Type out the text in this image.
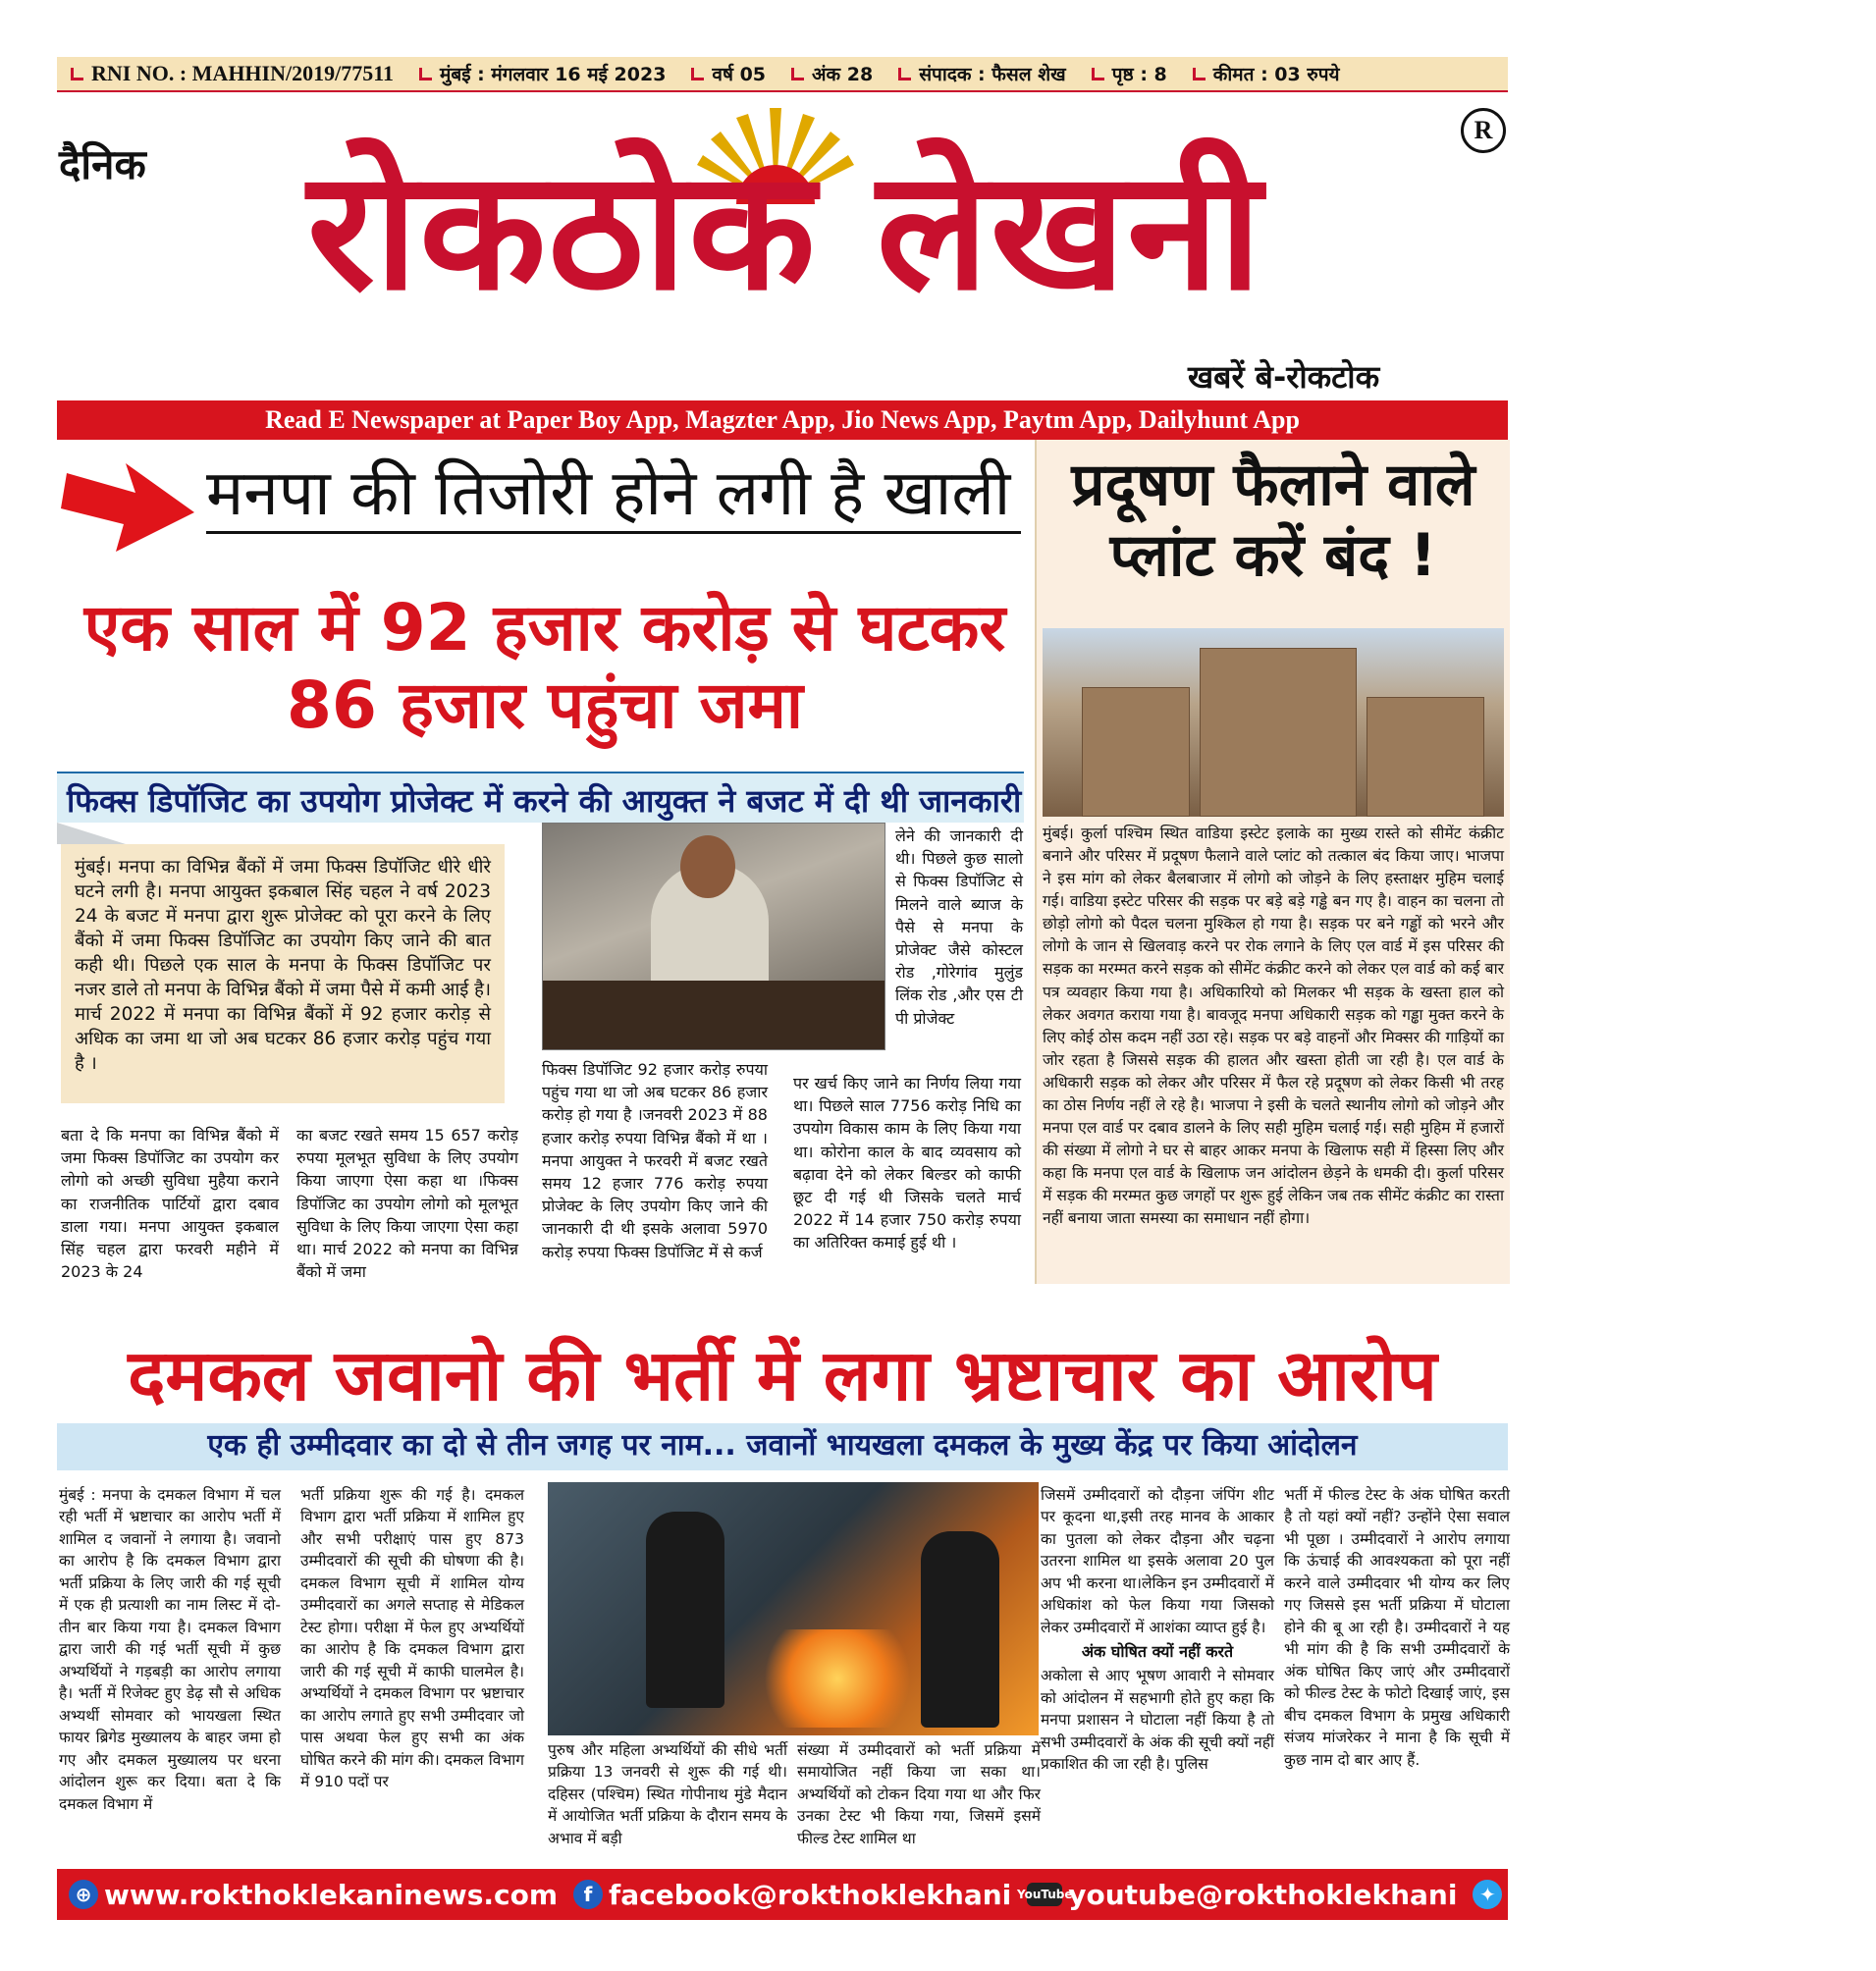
RNI NO. : MAHHIN/2019/77511 मुंबई : मंगलवार 16 मई 2023 वर्ष 05 अंक 28 संपादक : फैसल शेख पृष्ठ : 8 कीमत : 03 रुपये
दैनिक रोकठोक लेखनी
R
खबरें बे-रोकटोक
Read E Newspaper at Paper Boy App, Magzter App, Jio News App, Paytm App, Dailyhunt App
मनपा की तिजोरी होने लगी है खाली
एक साल में 92 हजार करोड़ से घटकर 86 हजार पहुंचा जमा
फिक्स डिपॉजिट का उपयोग प्रोजेक्ट में करने की आयुक्त ने बजट में दी थी जानकारी
मुंबई। मनपा का विभिन्न बैंकों में जमा फिक्स डिपॉजिट धीरे धीरे घटने लगी है। मनपा आयुक्त इकबाल सिंह चहल ने वर्ष 2023 24 के बजट में मनपा द्वारा शुरू प्रोजेक्ट को पूरा करने के लिए बैंको में जमा फिक्स डिपॉजिट का उपयोग किए जाने की बात कही थी। पिछले एक साल के मनपा के फिक्स डिपॉजिट पर नजर डाले तो मनपा के विभिन्न बैंको में जमा पैसे में कमी आई है। मार्च 2022 में मनपा का विभिन्न बैंकों में 92 हजार करोड़ से अधिक का जमा था जो अब घटकर 86 हजार करोड़ पहुंच गया है ।
बता दे कि मनपा का विभिन्न बैंको में जमा फिक्स डिपॉजिट का उपयोग कर लोगो को अच्छी सुविधा मुहैया कराने का राजनीतिक पार्टियों द्वारा दबाव डाला गया। मनपा आयुक्त इकबाल सिंह चहल द्वारा फरवरी महीने में 2023 के 24
का बजट रखते समय 15 657 करोड़ रुपया मूलभूत सुविधा के लिए उपयोग किया जाएगा ऐसा कहा था ।फिक्स डिपॉजिट का उपयोग लोगो को मूलभूत सुविधा के लिए किया जाएगा ऐसा कहा था। मार्च 2022 को मनपा का विभिन्न बैंको में जमा
फिक्स डिपॉजिट 92 हजार करोड़ रुपया पहुंच गया था जो अब घटकर 86 हजार करोड़ हो गया है ।जनवरी 2023 में 88 हजार करोड़ रुपया विभिन्न बैंको में था ।मनपा आयुक्त ने फरवरी में बजट रखते समय 12 हजार 776 करोड़ रुपया प्रोजेक्ट के लिए उपयोग किए जाने की जानकारी दी थी इसके अलावा 5970 करोड़ रुपया फिक्स डिपॉजिट में से कर्ज
लेने की जानकारी दी थी। पिछले कुछ सालो से फिक्स डिपॉजिट से मिलने वाले ब्याज के पैसे से मनपा के प्रोजेक्ट जैसे कोस्टल रोड ,गोरेगांव मुलुंड लिंक रोड ,और एस टी पी प्रोजेक्ट
पर खर्च किए जाने का निर्णय लिया गया था। पिछले साल 7756 करोड़ निधि का उपयोग विकास काम के लिए किया गया था। कोरोना काल के बाद व्यवसाय को बढ़ावा देने को लेकर बिल्डर को काफी छूट दी गई थी जिसके चलते मार्च 2022 में 14 हजार 750 करोड़ रुपया का अतिरिक्त कमाई हुई थी ।
प्रदूषण फैलाने वाले प्लांट करें बंद !
मुंबई। कुर्ला पश्चिम स्थित वाडिया इस्टेट इलाके का मुख्य रास्ते को सीमेंट कंक्रीट बनाने और परिसर में प्रदूषण फैलाने वाले प्लांट को तत्काल बंद किया जाए। भाजपा ने इस मांग को लेकर बैलबाजार में लोगो को जोड़ने के लिए हस्ताक्षर मुहिम चलाई गई। वाडिया इस्टेट परिसर की सड़क पर बड़े बड़े गड्ढे बन गए है। वाहन का चलना तो छोड़ो लोगो को पैदल चलना मुश्किल हो गया है। सड़क पर बने गड्ढों को भरने और लोगो के जान से खिलवाड़ करने पर रोक लगाने के लिए एल वार्ड में इस परिसर की सड़क का मरम्मत करने सड़क को सीमेंट कंक्रीट करने को लेकर एल वार्ड को कई बार पत्र व्यवहार किया गया है। अधिकारियो को मिलकर भी सड़क के खस्ता हाल को लेकर अवगत कराया गया है। बावजूद मनपा अधिकारी सड़क को गड्ढा मुक्त करने के लिए कोई ठोस कदम नहीं उठा रहे। सड़क पर बड़े वाहनों और मिक्सर की गाड़ियों का जोर रहता है जिससे सड़क की हालत और खस्ता होती जा रही है। एल वार्ड के अधिकारी सड़क को लेकर और परिसर में फैल रहे प्रदूषण को लेकर किसी भी तरह का ठोस निर्णय नहीं ले रहे है। भाजपा ने इसी के चलते स्थानीय लोगो को जोड़ने और मनपा एल वार्ड पर दबाव डालने के लिए सही मुहिम चलाई गई। सही मुहिम में हजारों की संख्या में लोगो ने घर से बाहर आकर मनपा के खिलाफ सही में हिस्सा लिए और कहा कि मनपा एल वार्ड के खिलाफ जन आंदोलन छेड़ने के धमकी दी। कुर्ला परिसर में सड़क की मरम्मत कुछ जगहों पर शुरू हुई लेकिन जब तक सीमेंट कंक्रीट का रास्ता नहीं बनाया जाता समस्या का समाधान नहीं होगा।
दमकल जवानो की भर्ती में लगा भ्रष्टाचार का आरोप
एक ही उम्मीदवार का दो से तीन जगह पर नाम... जवानों भायखला दमकल के मुख्य केंद्र पर किया आंदोलन
मुंबई : मनपा के दमकल विभाग में चल रही भर्ती में भ्रष्टाचार का आरोप भर्ती में शामिल द जवानों ने लगाया है। जवानो का आरोप है कि दमकल विभाग द्वारा भर्ती प्रक्रिया के लिए जारी की गई सूची में एक ही प्रत्याशी का नाम लिस्ट में दो-तीन बार किया गया है। दमकल विभाग द्वारा जारी की गई भर्ती सूची में कुछ अभ्यर्थियों ने गड़बड़ी का आरोप लगाया है। भर्ती में रिजेक्ट हुए डेढ़ सौ से अधिक अभ्यर्थी सोमवार को भायखला स्थित फायर ब्रिगेड मुख्यालय के बाहर जमा हो गए और दमकल मुख्यालय पर धरना आंदोलन शुरू कर दिया। बता दे कि दमकल विभाग में
भर्ती प्रक्रिया शुरू की गई है। दमकल विभाग द्वारा भर्ती प्रक्रिया में शामिल हुए और सभी परीक्षाएं पास हुए 873 उम्मीदवारों की सूची की घोषणा की है। दमकल विभाग सूची में शामिल योग्य उम्मीदवारों का अगले सप्ताह से मेडिकल टेस्ट होगा। परीक्षा में फेल हुए अभ्यर्थियों का आरोप है कि दमकल विभाग द्वारा जारी की गई सूची में काफी घालमेल है। अभ्यर्थियों ने दमकल विभाग पर भ्रष्टाचार का आरोप लगाते हुए सभी उम्मीदवार जो पास अथवा फेल हुए सभी का अंक घोषित करने की मांग की। दमकल विभाग में 910 पदों पर
पुरुष और महिला अभ्यर्थियों की सीधे भर्ती प्रक्रिया 13 जनवरी से शुरू की गई थी। दहिसर (पश्चिम) स्थित गोपीनाथ मुंडे मैदान में आयोजित भर्ती प्रक्रिया के दौरान समय के अभाव में बड़ी
संख्या में उम्मीदवारों को भर्ती प्रक्रिया में समायोजित नहीं किया जा सका था। अभ्यर्थियों को टोकन दिया गया था और फिर उनका टेस्ट भी किया गया, जिसमें इसमें फील्ड टेस्ट शामिल था
जिसमें उम्मीदवारों को दौड़ना जंपिंग शीट पर कूदना था,इसी तरह मानव के आकार का पुतला को लेकर दौड़ना और चढ़ना उतरना शामिल था इसके अलावा 20 पुल अप भी करना था।लेकिन इन उम्मीदवारों में अधिकांश को फेल किया गया जिसको लेकर उम्मीदवारों में आशंका व्याप्त हुई है।
अंक घोषित क्यों नहीं करते
अकोला से आए भूषण आवारी ने सोमवार को आंदोलन में सहभागी होते हुए कहा कि मनपा प्रशासन ने घोटाला नहीं किया है तो सभी उम्मीदवारों के अंक की सूची क्यों नहीं प्रकाशित की जा रही है। पुलिस
भर्ती में फील्ड टेस्ट के अंक घोषित करती है तो यहां क्यों नहीं? उन्होंने ऐसा सवाल भी पूछा । उम्मीदवारों ने आरोप लगाया कि ऊंचाई की आवश्यकता को पूरा नहीं करने वाले उम्मीदवार भी योग्य कर लिए गए जिससे इस भर्ती प्रक्रिया में घोटाला होने की बू आ रही है। उम्मीदवारों ने यह भी मांग की है कि सभी उम्मीदवारों के अंक घोषित किए जाएं और उम्मीदवारों को फील्ड टेस्ट के फोटो दिखाई जाएं, इस बीच दमकल विभाग के प्रमुख अधिकारी संजय मांजरेकर ने माना है कि सूची में कुछ नाम दो बार आए हैं.
⊕ www.rokthoklekaninews.com	f facebook@rokthoklekhani YouTube
youtube@rokthoklekhani	✦ twitter@rokthoklekhani
